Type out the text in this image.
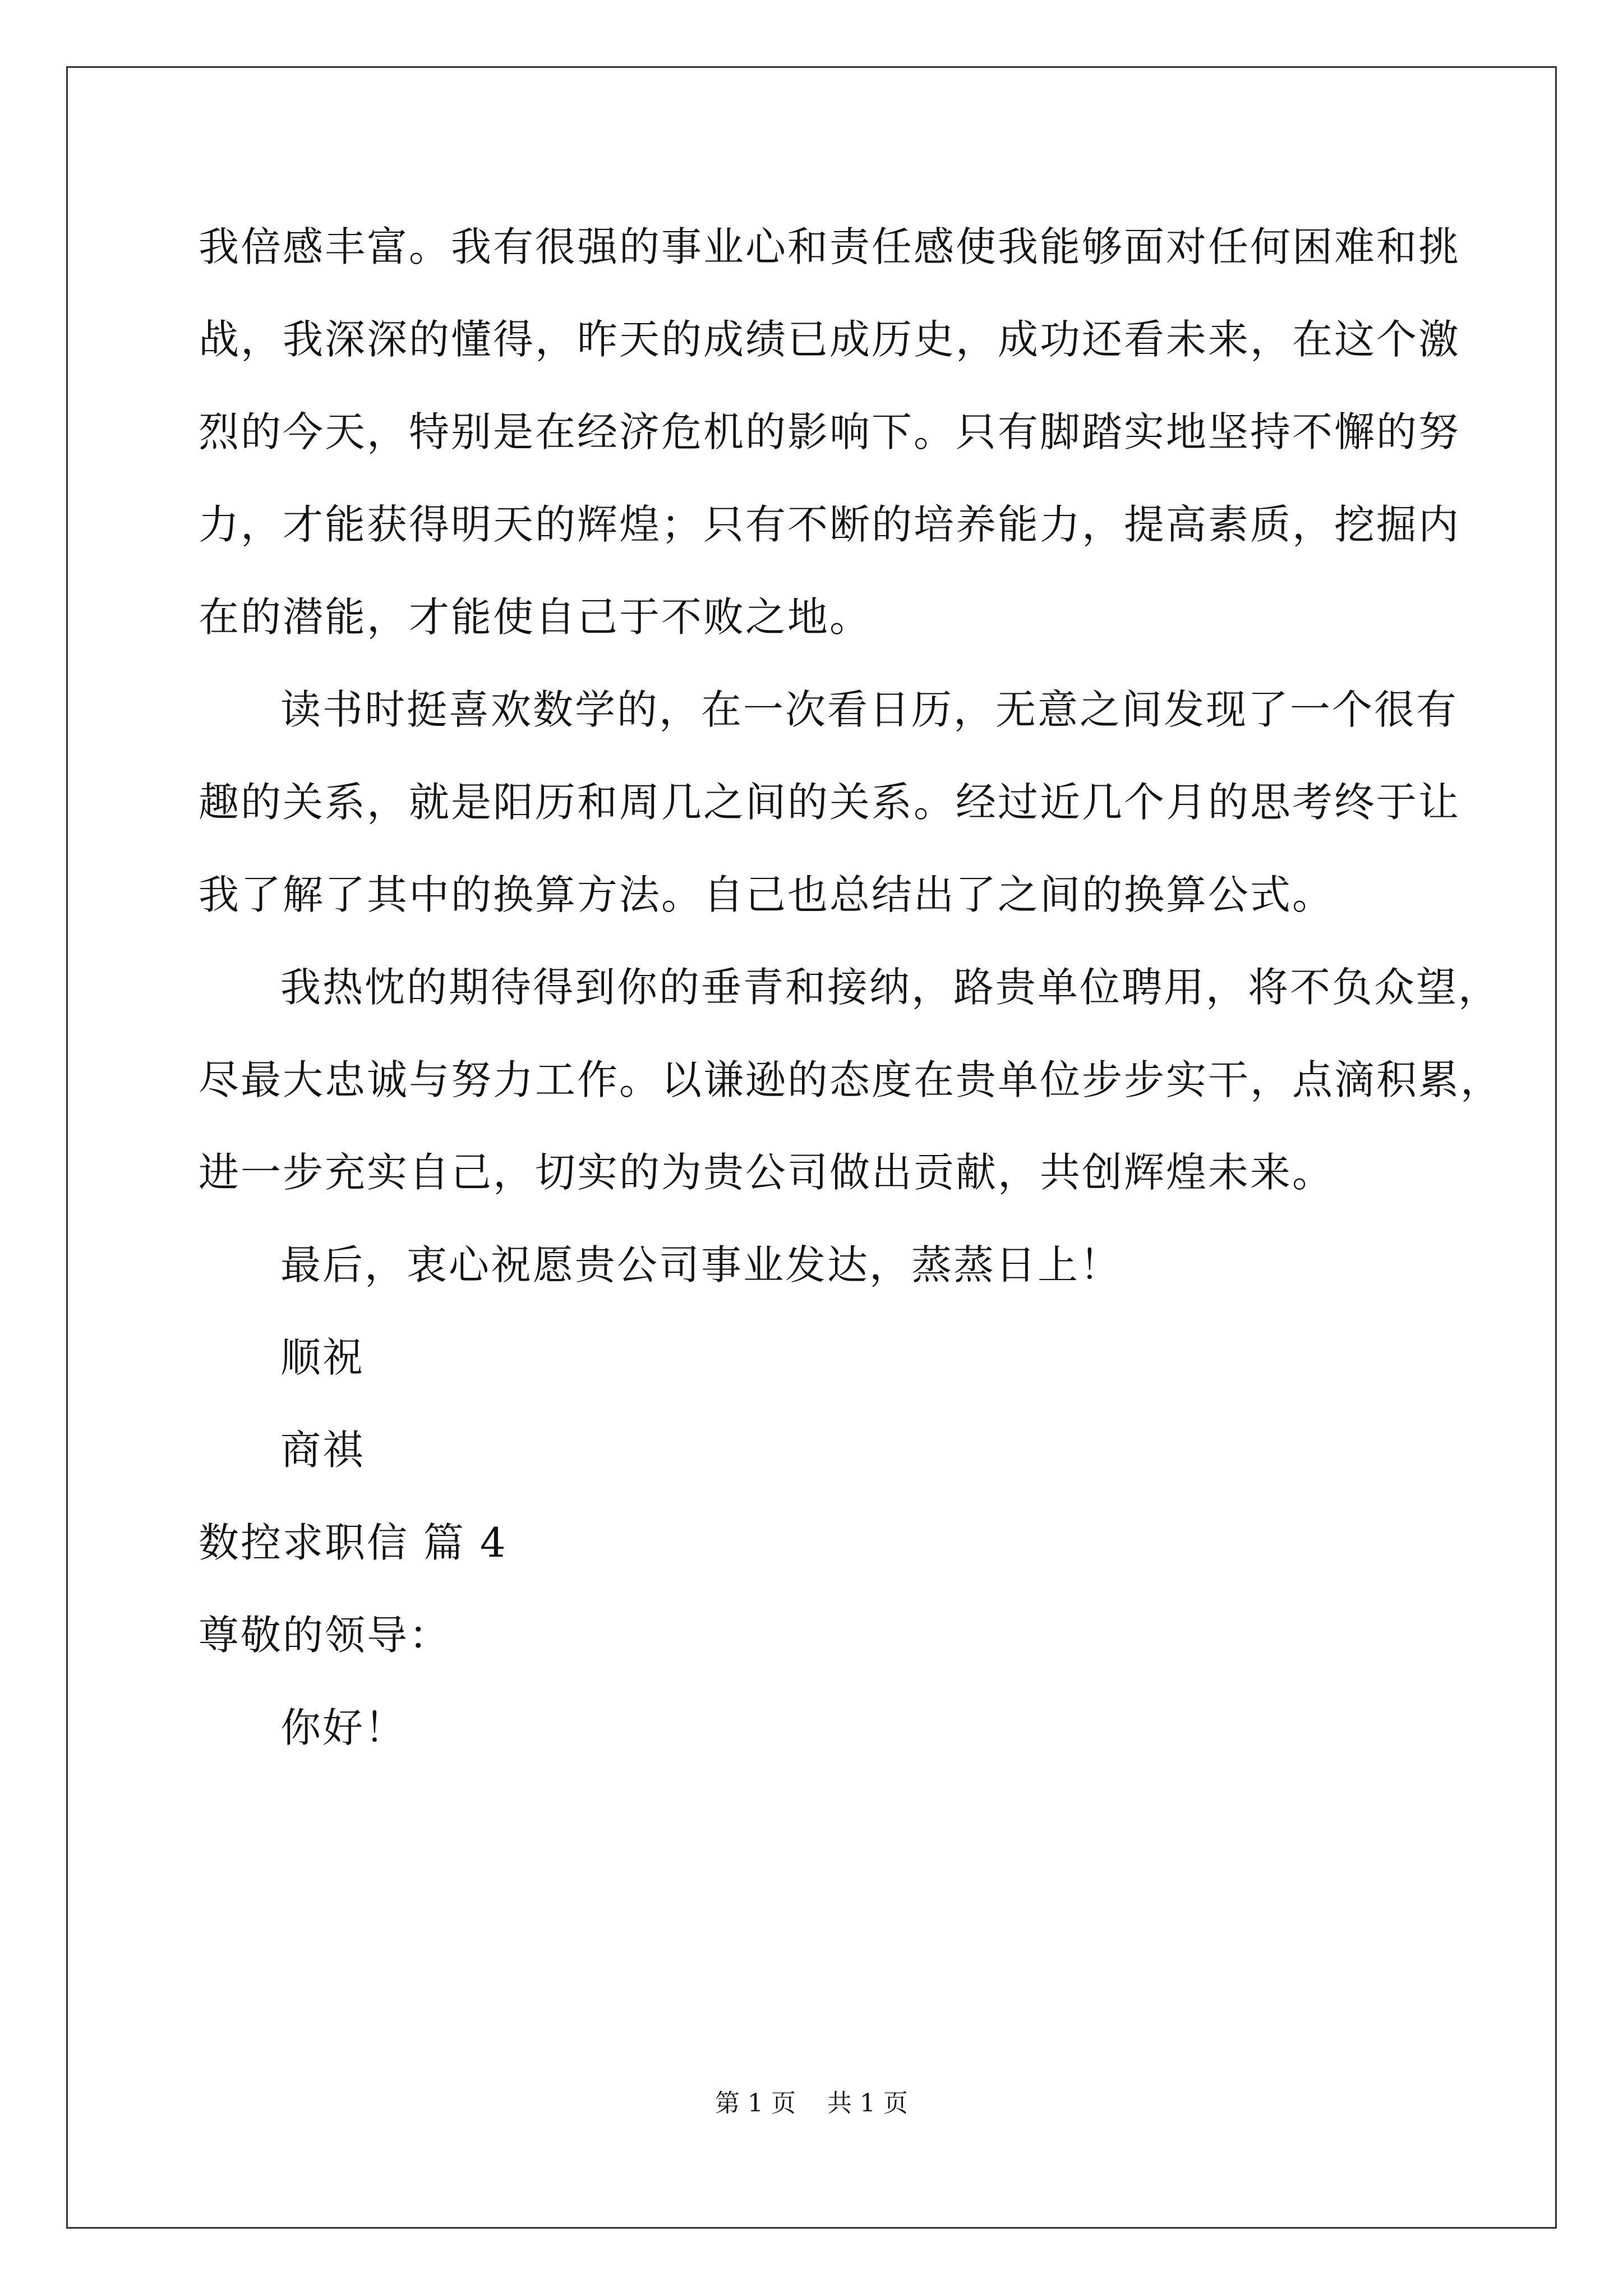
我倍感丰富。我有很强的事业心和责任感使我能够面对任何困难和挑
战，我深深的懂得，昨天的成绩已成历史，成功还看未来，在这个激
烈的今天，特别是在经济危机的影响下。只有脚踏实地坚持不懈的努
力，才能获得明天的辉煌；只有不断的培养能力，提高素质，挖掘内
在的潜能，才能使自己于不败之地。
读书时挺喜欢数学的，在一次看日历，无意之间发现了一个很有
趣的关系，就是阳历和周几之间的关系。经过近几个月的思考终于让
我了解了其中的换算方法。自己也总结出了之间的换算公式。
我热忱的期待得到你的垂青和接纳，路贵单位聘用，将不负众望，
尽最大忠诚与努力工作。以谦逊的态度在贵单位步步实干，点滴积累，
进一步充实自己，切实的为贵公司做出贡献，共创辉煌未来。
最后，衷心祝愿贵公司事业发达，蒸蒸日上！
顺祝
商祺
数控求职信 篇 4
尊敬的领导：
你好！
第 1 页 共 1 页
